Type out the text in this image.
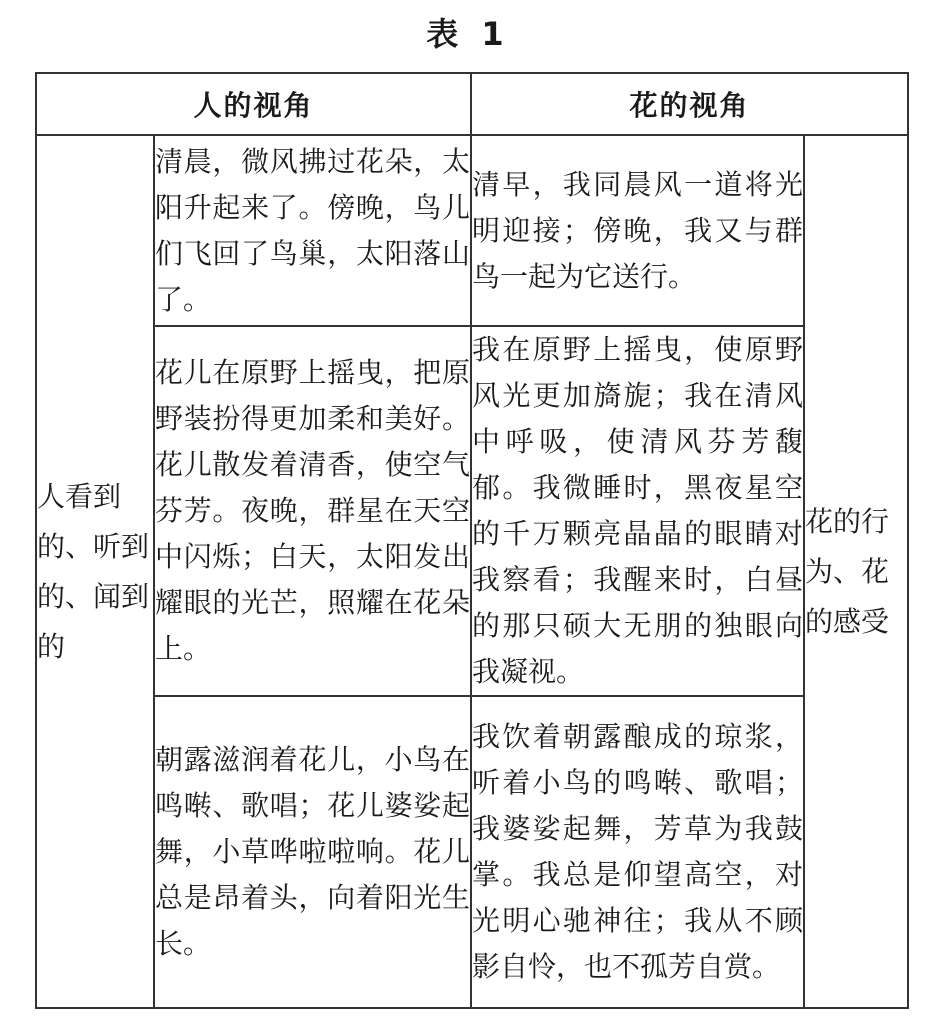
表 1
人的视角		花的视角	
人看到的、听到的、闻到的	清晨，微风拂过花朵，太阳升起来了。傍晚，鸟儿们飞回了鸟巢，太阳落山了。	清早，我同晨风一道将光明迎接；傍晚，我又与群鸟一起为它送行。	花的行为、花的感受
	花儿在原野上摇曳，把原野装扮得更加柔和美好。花儿散发着清香，使空气芬芳。夜晚，群星在天空中闪烁；白天，太阳发出耀眼的光芒，照耀在花朵上。	我在原野上摇曳，使原野风光更加旖旎；我在清风中呼吸，使清风芬芳馥郁。我微睡时，黑夜星空的千万颗亮晶晶的眼睛对我察看；我醒来时，白昼的那只硕大无朋的独眼向我凝视。	
	朝露滋润着花儿，小鸟在鸣啭、歌唱；花儿婆娑起舞，小草哗啦啦响。花儿总是昂着头，向着阳光生长。	我饮着朝露酿成的琼浆，听着小鸟的鸣啭、歌唱；我婆娑起舞，芳草为我鼓掌。我总是仰望高空，对光明心驰神往；我从不顾影自怜，也不孤芳自赏。	
